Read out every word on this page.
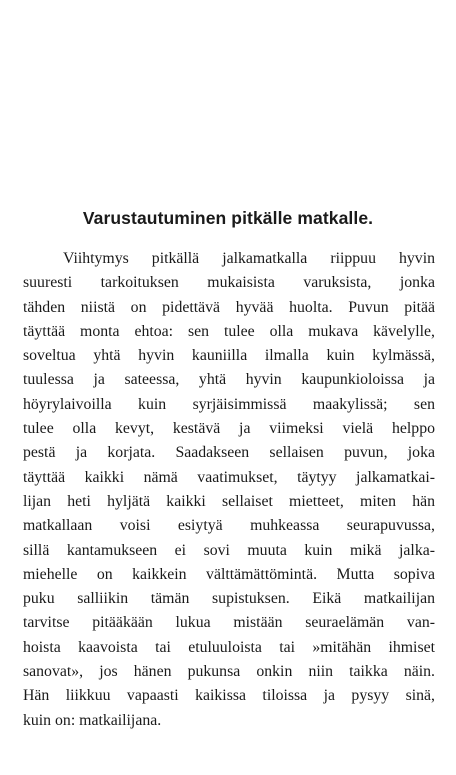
Varustautuminen pitkälle matkalle.
Viihtymys pitkällä jalkamatkalla riippuu hyvin
suuresti tarkoituksen mukaisista varuksista, jonka
tähden niistä on pidettävä hyvää huolta. Puvun pitää
täyttää monta ehtoa: sen tulee olla mukava kävelylle,
soveltua yhtä hyvin kauniilla ilmalla kuin kylmässä,
tuulessa ja sateessa, yhtä hyvin kaupunkioloissa ja
höyrylaivoilla kuin syrjäisimmissä maakylissä; sen
tulee olla kevyt, kestävä ja viimeksi vielä helppo
pestä ja korjata. Saadakseen sellaisen puvun, joka
täyttää kaikki nämä vaatimukset, täytyy jalkamatkai-
lijan heti hyljätä kaikki sellaiset mietteet, miten hän
matkallaan voisi esiytyä muhkeassa seurapuvussa,
sillä kantamukseen ei sovi muuta kuin mikä jalka-
miehelle on kaikkein välttämättömintä. Mutta sopiva
puku salliikin tämän supistuksen. Eikä matkailijan
tarvitse pitääkään lukua mistään seuraelämän van-
hoista kaavoista tai etuluuloista tai »mitähän ihmiset
sanovat», jos hänen pukunsa onkin niin taikka näin.
Hän liikkuu vapaasti kaikissa tiloissa ja pysyy sinä,
kuin on: matkailijana.
